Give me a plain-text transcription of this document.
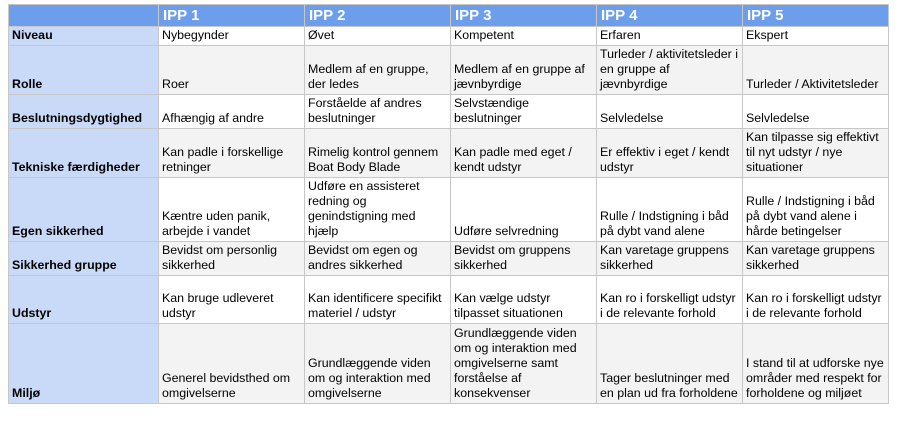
	IPP 1	IPP 2	IPP 3	IPP 4	IPP 5
Niveau	Nybegynder	Øvet	Kompetent	Erfaren	Ekspert
Rolle	Roer	Medlem af en gruppe, der ledes	Medlem af en gruppe af jævnbyrdige	Turleder / aktivitetsleder i en gruppe af jævnbyrdige	Turleder / Aktivitetsleder
Beslutningsdygtighed	Afhængig af andre	Forståelde af andres beslutninger	Selvstændige beslutninger	Selvledelse	Selvledelse
Tekniske færdigheder	Kan padle i forskellige retninger	Rimelig kontrol gennem Boat Body Blade	Kan padle med eget / kendt udstyr	Er effektiv i eget / kendt udstyr	Kan tilpasse sig effektivt til nyt udstyr / nye situationer
Egen sikkerhed	Kæntre uden panik, arbejde i vandet	Udføre en assisteret redning og genindstigning med hjælp	Udføre selvredning	Rulle / Indstigning i båd på dybt vand alene	Rulle / Indstigning i båd på dybt vand alene i hårde betingelser
Sikkerhed gruppe	Bevidst om personlig sikkerhed	Bevidst om egen og andres sikkerhed	Bevidst om gruppens sikkerhed	Kan varetage gruppens sikkerhed	Kan varetage gruppens sikkerhed
Udstyr	Kan bruge udleveret udstyr	Kan identificere specifikt materiel / udstyr	Kan vælge udstyr tilpasset situationen	Kan ro i forskelligt udstyr i de relevante forhold	Kan ro i forskelligt udstyr i de relevante forhold
Miljø	Generel bevidsthed om omgivelserne	Grundlæggende viden om og interaktion med omgivelserne	Grundlæggende viden om og interaktion med omgivelserne samt forståelse af konsekvenser	Tager beslutninger med en plan ud fra forholdene	I stand til at udforske nye områder med respekt for forholdene og miljøet
